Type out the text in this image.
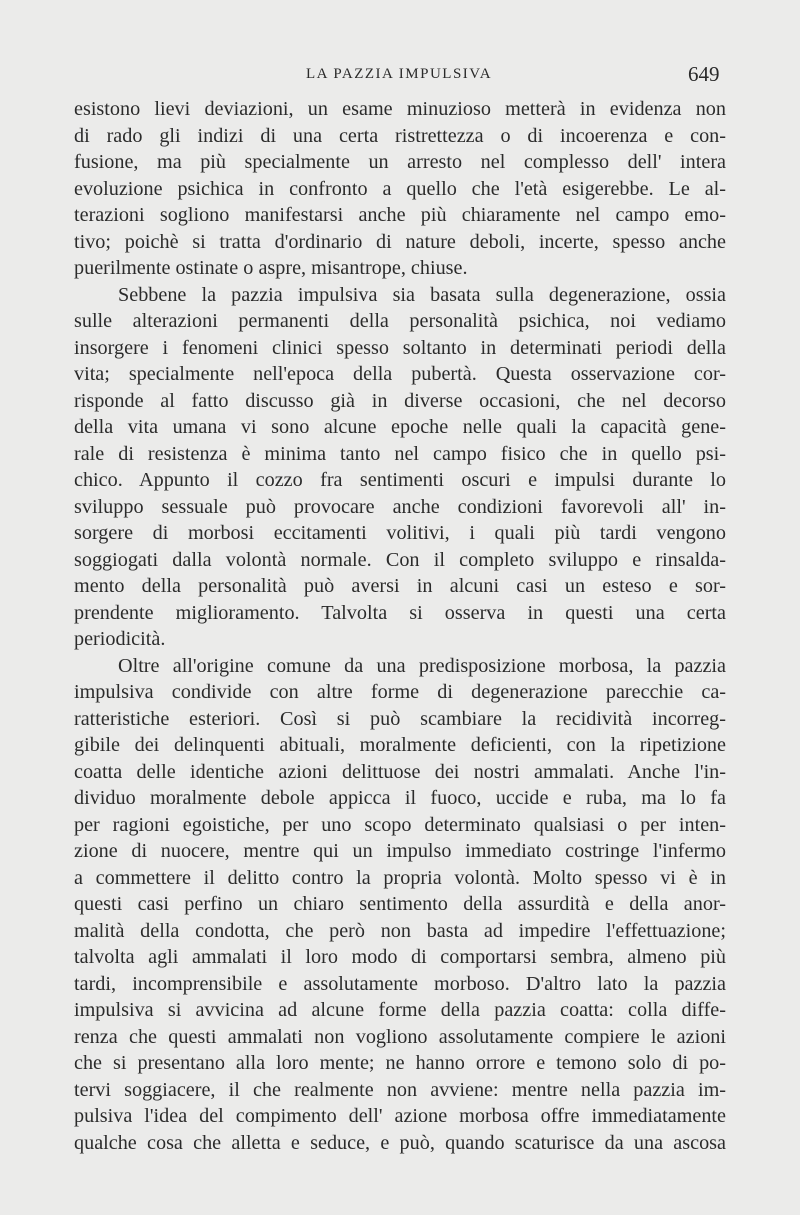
LA PAZZIA IMPULSIVA	649
esistono lievi deviazioni, un esame minuzioso metterà in evidenza non
di rado gli indizi di una certa ristrettezza o di incoerenza e con-
fusione, ma più specialmente un arresto nel complesso dell' intera
evoluzione psichica in confronto a quello che l'età esigerebbe. Le al-
terazioni sogliono manifestarsi anche più chiaramente nel campo emo-
tivo; poichè si tratta d'ordinario di nature deboli, incerte, spesso anche
puerilmente ostinate o aspre, misantrope, chiuse.
Sebbene la pazzia impulsiva sia basata sulla degenerazione, ossia
sulle alterazioni permanenti della personalità psichica, noi vediamo
insorgere i fenomeni clinici spesso soltanto in determinati periodi della
vita; specialmente nell'epoca della pubertà. Questa osservazione cor-
risponde al fatto discusso già in diverse occasioni, che nel decorso
della vita umana vi sono alcune epoche nelle quali la capacità gene-
rale di resistenza è minima tanto nel campo fisico che in quello psi-
chico. Appunto il cozzo fra sentimenti oscuri e impulsi durante lo
sviluppo sessuale può provocare anche condizioni favorevoli all' in-
sorgere di morbosi eccitamenti volitivi, i quali più tardi vengono
soggiogati dalla volontà normale. Con il completo sviluppo e rinsalda-
mento della personalità può aversi in alcuni casi un esteso e sor-
prendente miglioramento. Talvolta si osserva in questi una certa
periodicità.
Oltre all'origine comune da una predisposizione morbosa, la pazzia
impulsiva condivide con altre forme di degenerazione parecchie ca-
ratteristiche esteriori. Così si può scambiare la recidività incorreg-
gibile dei delinquenti abituali, moralmente deficienti, con la ripetizione
coatta delle identiche azioni delittuose dei nostri ammalati. Anche l'in-
dividuo moralmente debole appicca il fuoco, uccide e ruba, ma lo fa
per ragioni egoistiche, per uno scopo determinato qualsiasi o per inten-
zione di nuocere, mentre qui un impulso immediato costringe l'infermo
a commettere il delitto contro la propria volontà. Molto spesso vi è in
questi casi perfino un chiaro sentimento della assurdità e della anor-
malità della condotta, che però non basta ad impedire l'effettuazione;
talvolta agli ammalati il loro modo di comportarsi sembra, almeno più
tardi, incomprensibile e assolutamente morboso. D'altro lato la pazzia
impulsiva si avvicina ad alcune forme della pazzia coatta: colla diffe-
renza che questi ammalati non vogliono assolutamente compiere le azioni
che si presentano alla loro mente; ne hanno orrore e temono solo di po-
tervi soggiacere, il che realmente non avviene: mentre nella pazzia im-
pulsiva l'idea del compimento dell' azione morbosa offre immediatamente
qualche cosa che alletta e seduce, e può, quando scaturisce da una ascosa
